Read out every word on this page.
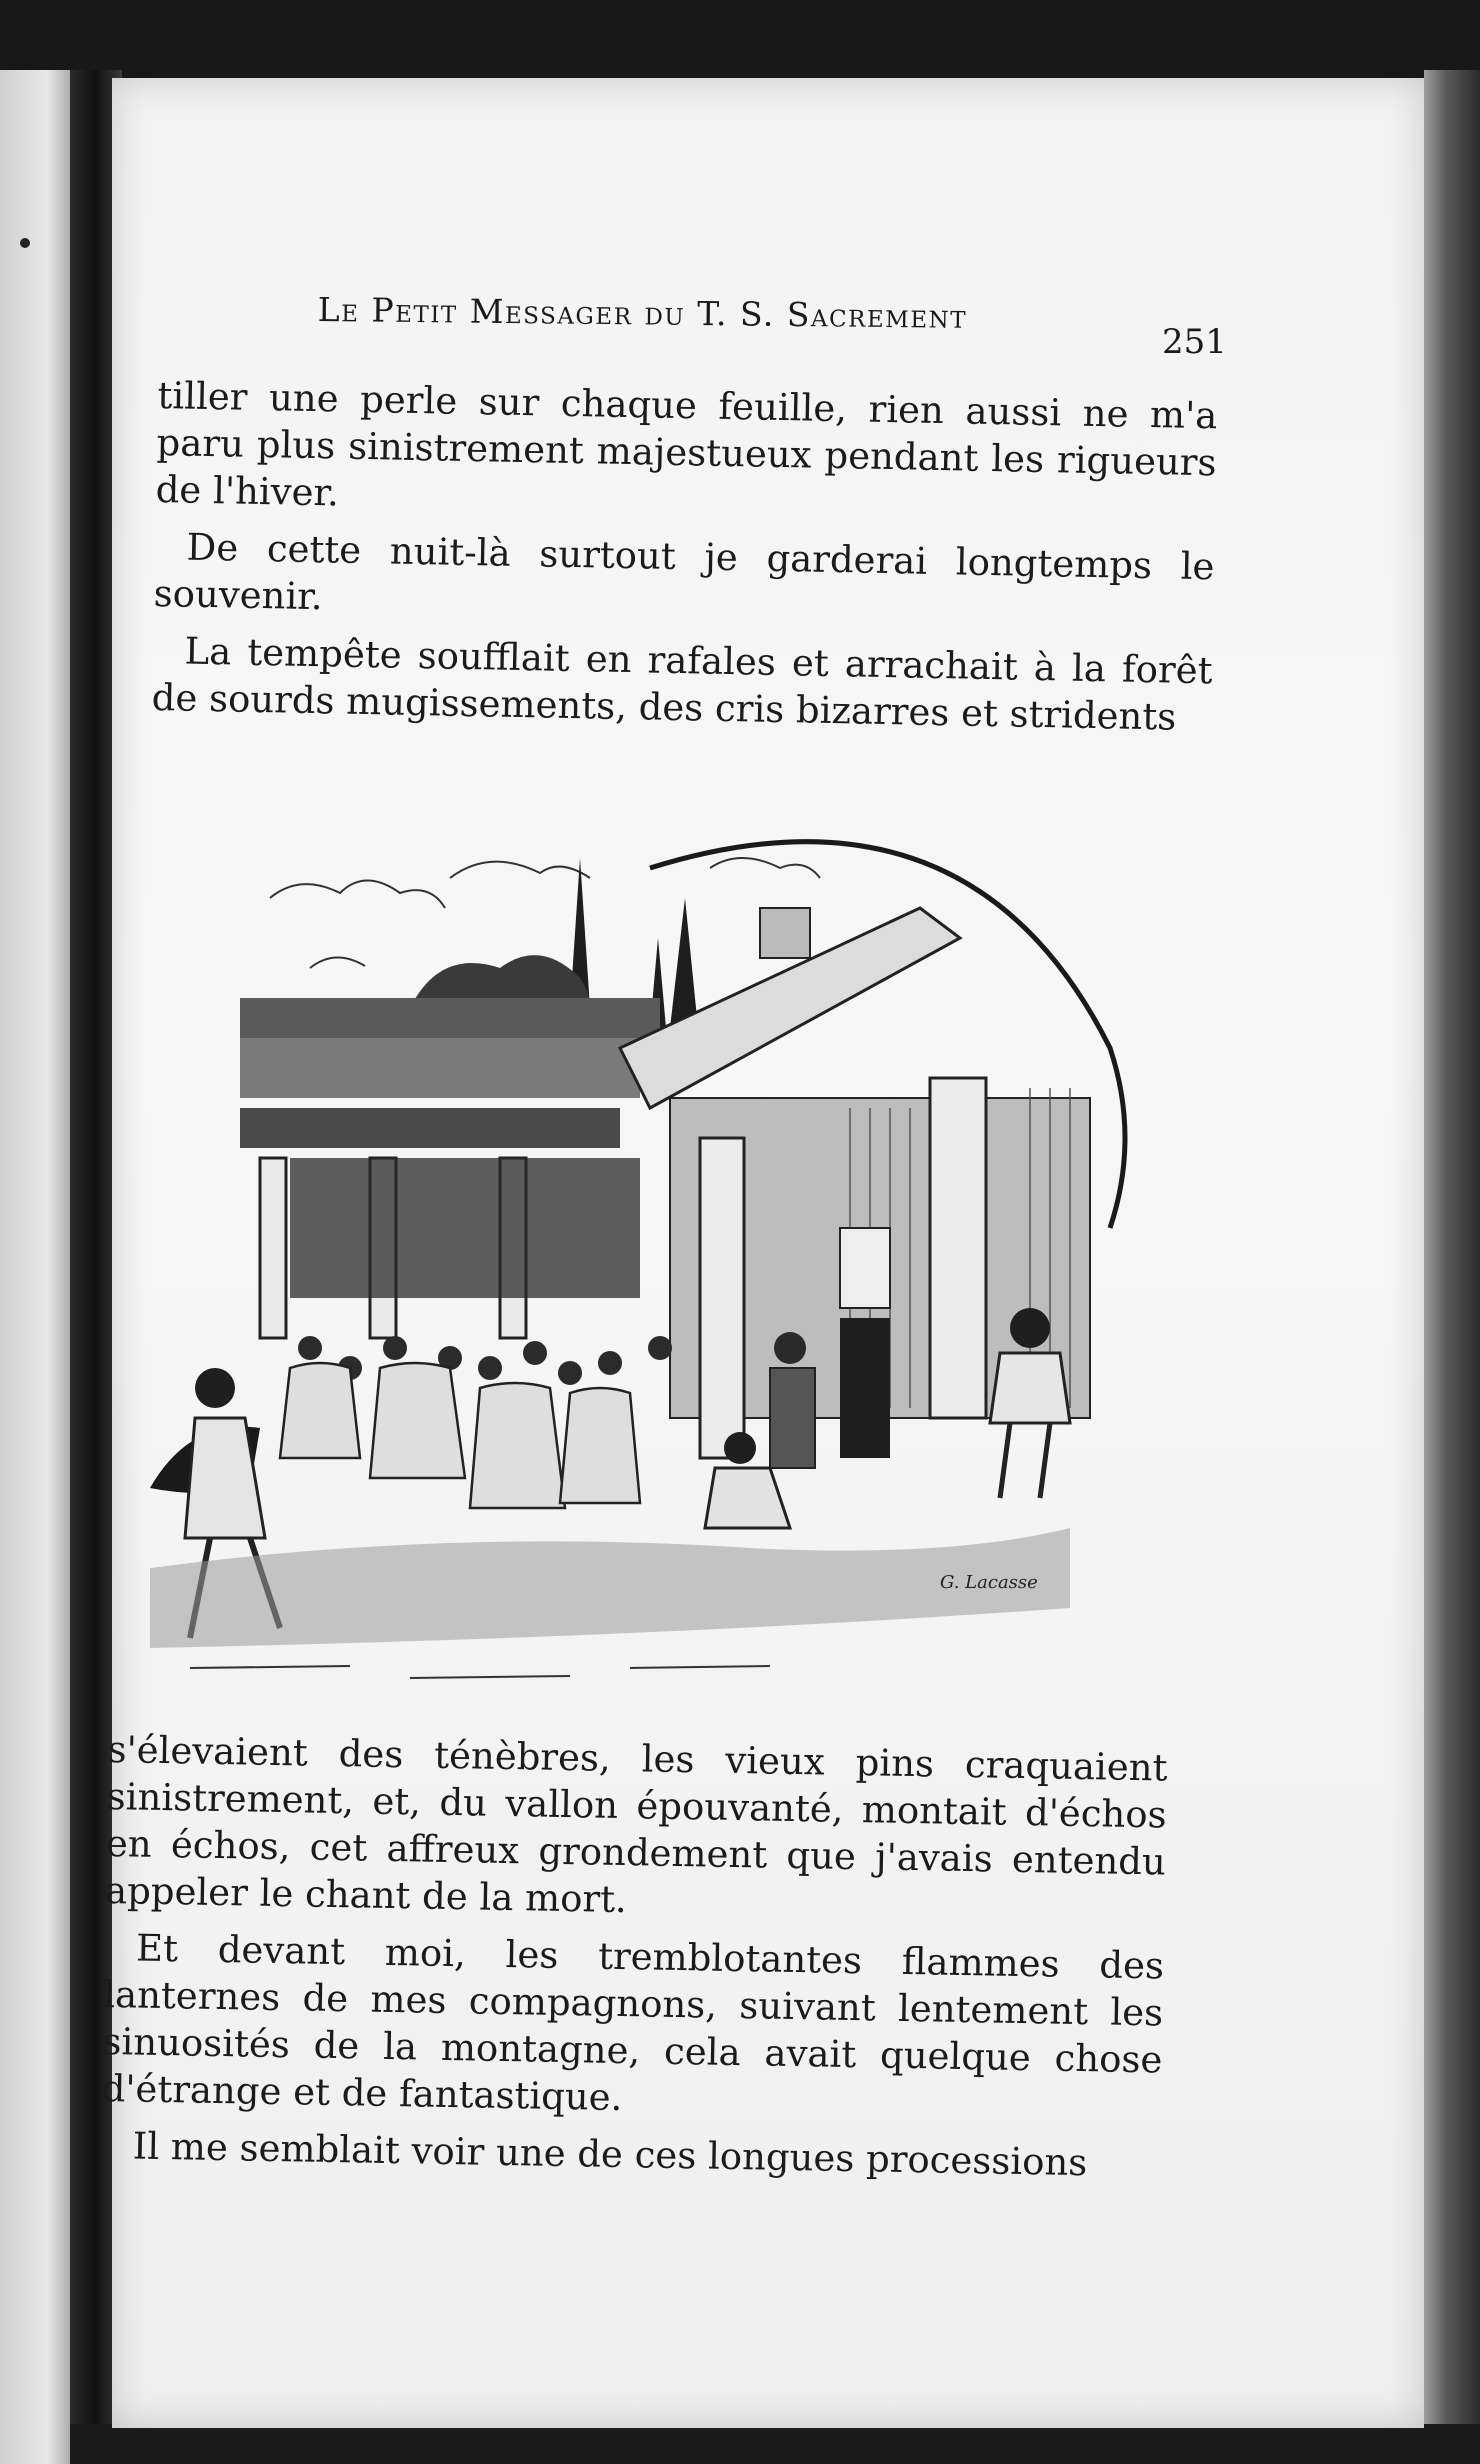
Le Petit Messager du T. S. Sacrement
251

tiller une perle sur chaque feuille, rien aussi ne m'a paru plus sinistrement majestueux pendant les rigueurs de l'hiver.

De cette nuit-là surtout je garderai longtemps le souvenir.

La tempête soufflait en rafales et arrachait à la forêt de sourds mugissements, des cris bizarres et stridents

G. Lacasse

s'élevaient des ténèbres, les vieux pins craquaient sinistrement, et, du vallon épouvanté, montait d'échos en échos, cet affreux grondement que j'avais entendu appeler le chant de la mort.

Et devant moi, les tremblotantes flammes des lanternes de mes compagnons, suivant lentement les sinuosités de la montagne, cela avait quelque chose d'étrange et de fantastique.

Il me semblait voir une de ces longues processions
